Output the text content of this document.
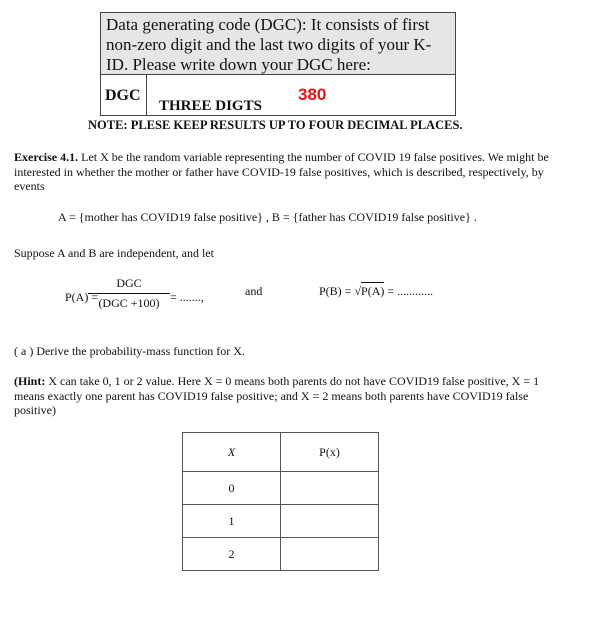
Data generating code (DGC): It consists of first non-zero digit and the last two digits of your K-ID. Please write down your DGC here:
DGC
THREE DIGTS
380
NOTE: PLESE KEEP RESULTS UP TO FOUR DECIMAL PLACES.
Exercise 4.1. Let X be the random variable representing the number of COVID 19 false positives. We might be interested in whether the mother or father have COVID-19 false positives, which is described, respectively, by events
A = {mother has COVID19 false positive} , B = {father has COVID19 false positive} .
Suppose A and B are independent, and let
P(A) =
DGC
(DGC +100) = .......,	and	P(B) = √P(A) = ............
( a ) Derive the probability-mass function for X.
(Hint: X can take 0, 1 or 2 value. Here X = 0 means both parents do not have COVID19 false positive, X = 1 means exactly one parent has COVID19 false positive; and X = 2 means both parents have COVID19 false positive)
X	P(x)
0	
1	
2	
